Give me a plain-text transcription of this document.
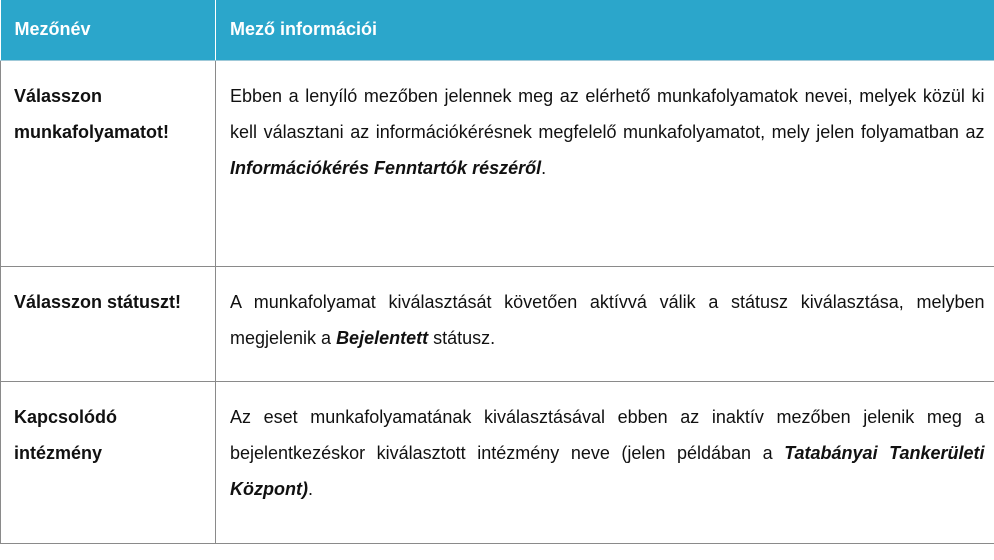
Mezőnév	Mező információi
Válasszon munkafolyamatot!	Ebben a lenyíló mezőben jelennek meg az elérhető munkafolyamatok nevei, melyek közül ki kell választani az információkérésnek megfelelő munkafolyamatot, mely jelen folyamatban az Információkérés Fenntartók részéről.
Válasszon státuszt!	A munkafolyamat kiválasztását követően aktívvá válik a státusz kiválasztása, melyben megjelenik a Bejelentett státusz.
Kapcsolódó intézmény	Az eset munkafolyamatának kiválasztásával ebben az inaktív mezőben jelenik meg a bejelentkezéskor kiválasztott intézmény neve (jelen példában a Tatabányai Tankerületi Központ).
